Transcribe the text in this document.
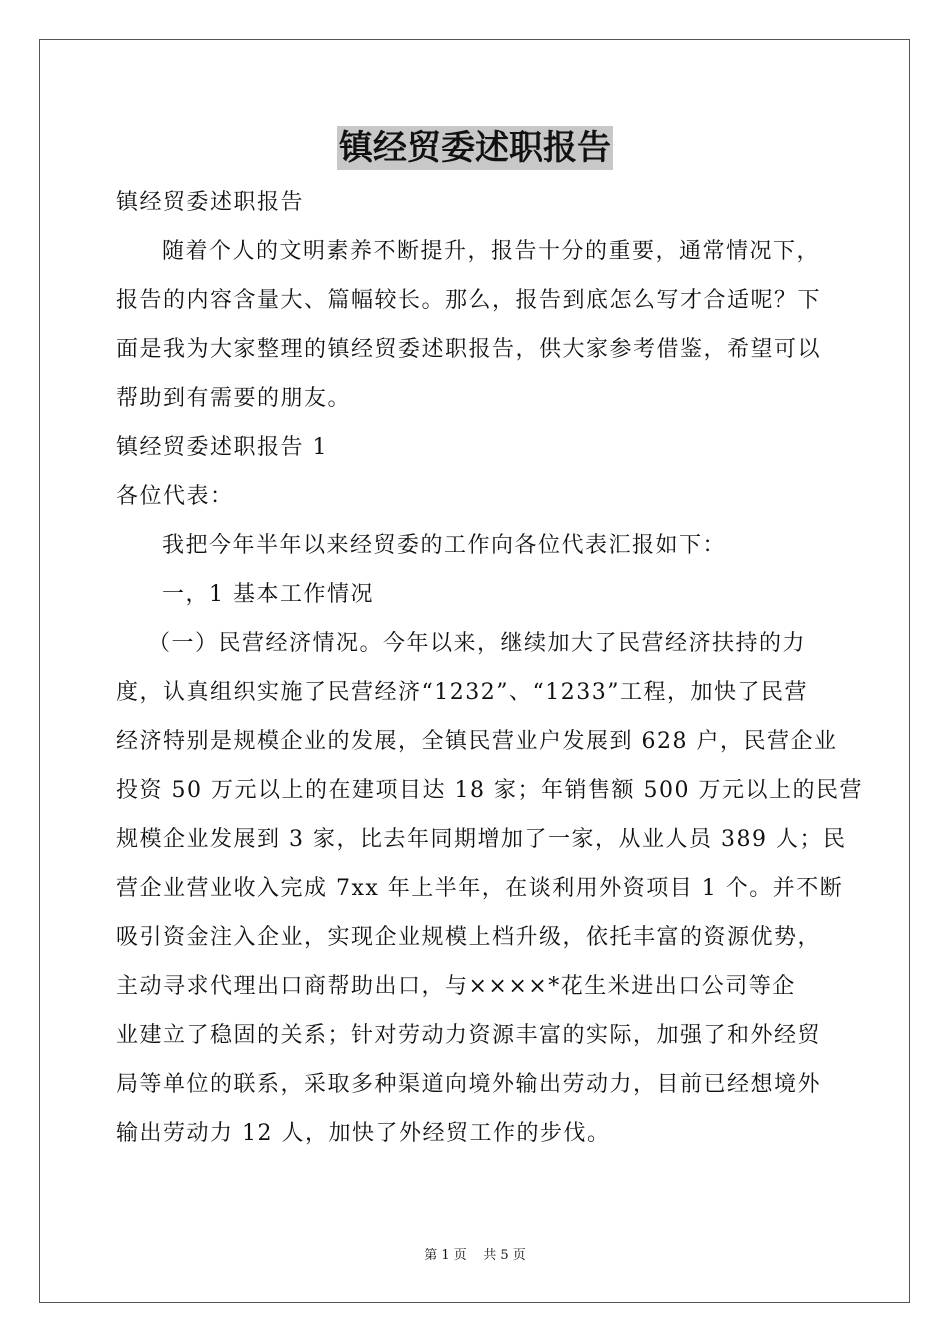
镇经贸委述职报告
镇经贸委述职报告
随着个人的文明素养不断提升，报告十分的重要，通常情况下，
报告的内容含量大、篇幅较长。那么，报告到底怎么写才合适呢？下
面是我为大家整理的镇经贸委述职报告，供大家参考借鉴，希望可以
帮助到有需要的朋友。
镇经贸委述职报告 1
各位代表：
我把今年半年以来经贸委的工作向各位代表汇报如下：
一，1 基本工作情况
（一）民营经济情况。今年以来，继续加大了民营经济扶持的力
度，认真组织实施了民营经济“1232”、“1233”工程，加快了民营
经济特别是规模企业的发展，全镇民营业户发展到 628 户，民营企业
投资 50 万元以上的在建项目达 18 家；年销售额 500 万元以上的民营
规模企业发展到 3 家，比去年同期增加了一家，从业人员 389 人；民
营企业营业收入完成 7xx 年上半年，在谈利用外资项目 1 个。并不断
吸引资金注入企业，实现企业规模上档升级，依托丰富的资源优势，
主动寻求代理出口商帮助出口，与××××*花生米进出口公司等企
业建立了稳固的关系；针对劳动力资源丰富的实际，加强了和外经贸
局等单位的联系，采取多种渠道向境外输出劳动力，目前已经想境外
输出劳动力 12 人，加快了外经贸工作的步伐。
第 1 页 共 5 页
